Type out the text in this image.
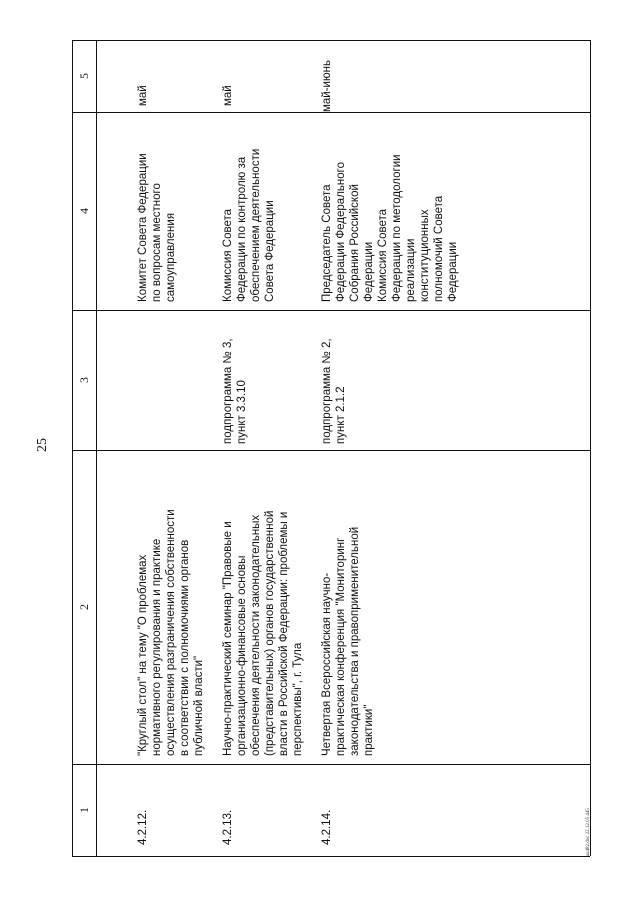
25
1
2
3
4
5
4.2.12.
"Круглый стол" на тему "О проблемах
нормативного регулирования и практике
осуществления разграничения собственности
в соответствии с полномочиями органов
публичной власти"
Комитет Совета Федерации
по вопросам местного
самоуправления
май
4.2.13.
Научно-практический семинар "Правовые и
организационно-финансовые основы
обеспечения деятельности законодательных
(представительных) органов государственной
власти в Российской Федерации: проблемы и
перспективы", г. Тула
подпрограмма № 3,
пункт 3.3.10
Комиссия Совета
Федерации по контролю за
обеспечением деятельности
Совета Федерации
май
4.2.14.
Четвертая Всероссийская научно-
практическая конференция "Мониторинг
законодательства и правоприменительной
практики"
подпрограмма № 2,
пункт 2.1.2
Председатель Совета
Федерации Федерального
Собрания Российской
Федерации
Комиссия Совета
Федерации по методологии
реализации
конституционных
полномочий Совета
Федерации
май-июнь
aa482.doc 22.12.05 445
